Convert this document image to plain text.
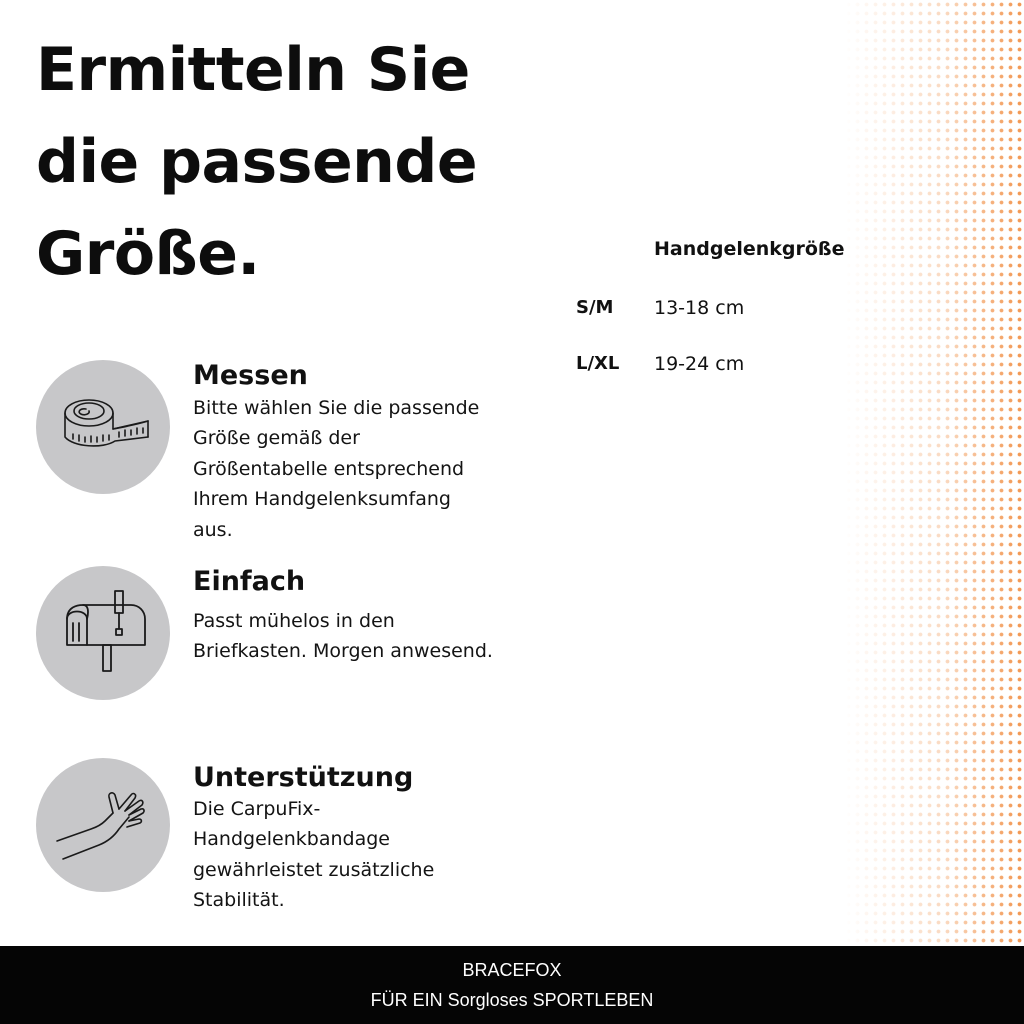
Ermitteln Sie
die passende
Größe.
Messen

Bitte wählen Sie die passende Größe gemäß der Größentabelle entsprechend Ihrem Handgelenksumfang aus.

Einfach

Passt mühelos in den Briefkasten. Morgen anwesend.

Unterstützung

Die CarpuFix-Handgelenkbandage gewährleistet zusätzliche Stabilität.

Handgelenkgröße
S/M 13-18 cm
L/XL 19-24 cm
BRACEFOX
FÜR EIN Sorgloses SPORTLEBEN
